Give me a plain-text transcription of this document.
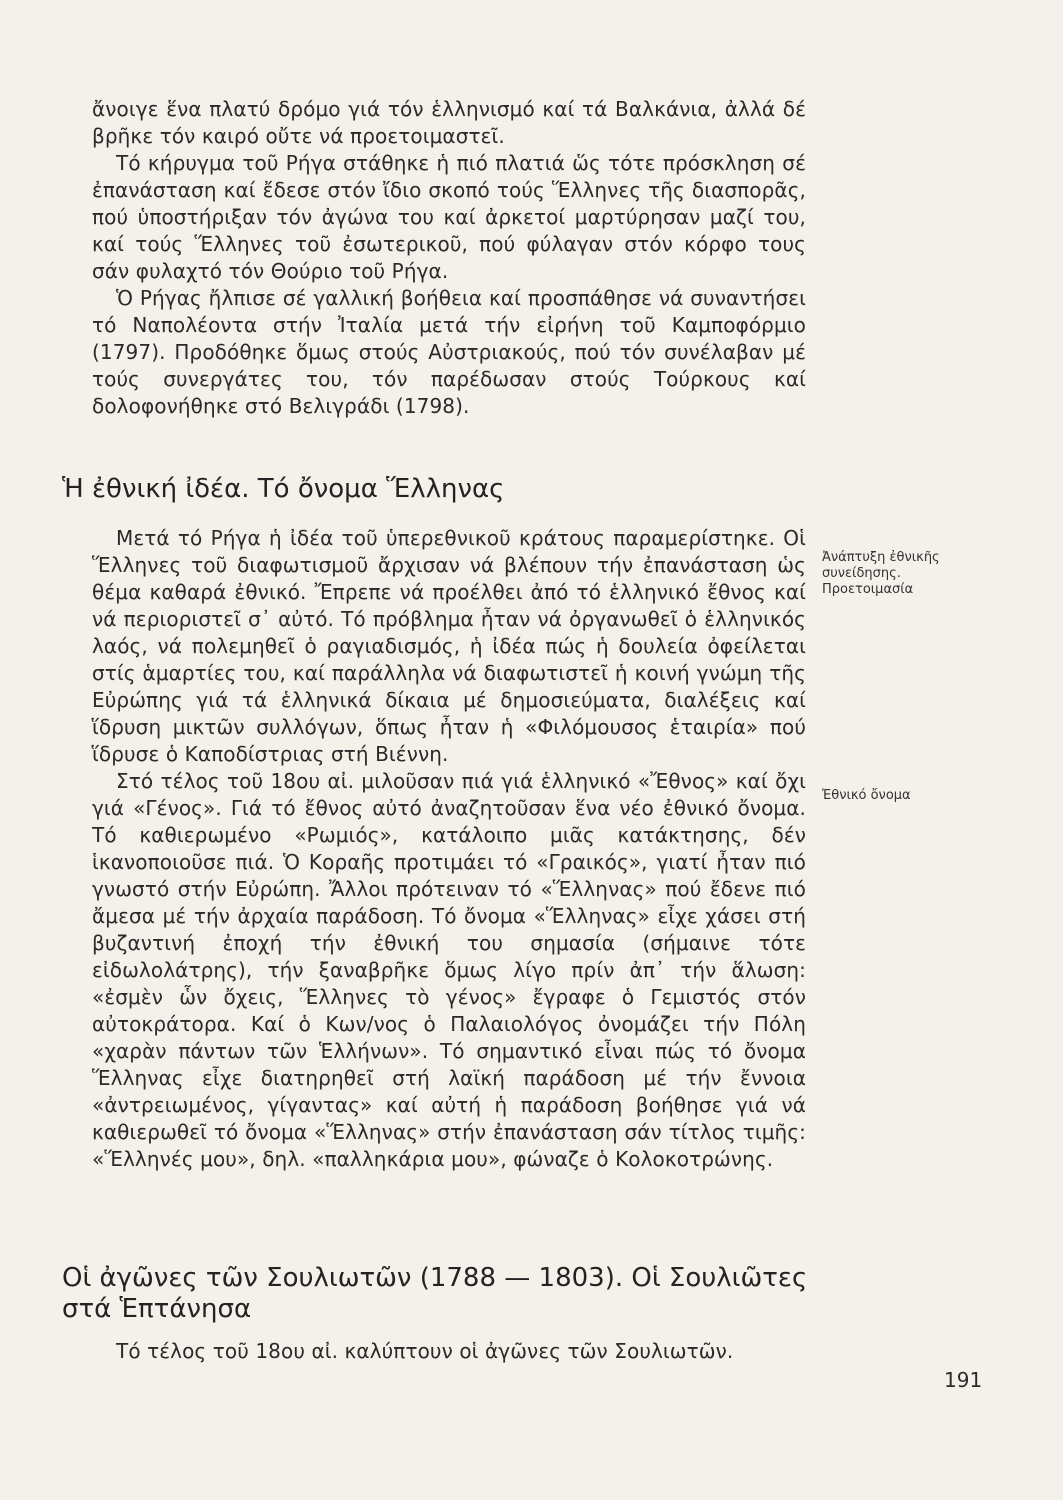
ἄνοιγε ἕνα πλατύ δρόμο γιά τόν ἑλληνισμό καί τά Βαλκάνια, ἀλλά δέ βρῆκε τόν καιρό οὔτε νά προετοιμαστεῖ.

Τό κήρυγμα τοῦ Ρήγα στάθηκε ἡ πιό πλατιά ὥς τότε πρόσκληση σέ ἐπανάσταση καί ἔδεσε στόν ἴδιο σκοπό τούς Ἕλληνες τῆς διασπορᾶς, πού ὑποστήριξαν τόν ἀγώνα του καί ἀρκετοί μαρτύρησαν μαζί του, καί τούς Ἕλληνες τοῦ ἐσωτερικοῦ, πού φύλαγαν στόν κόρφο τους σάν φυλαχτό τόν Θούριο τοῦ Ρήγα.

Ὁ Ρήγας ἤλπισε σέ γαλλική βοήθεια καί προσπάθησε νά συναντήσει τό Ναπολέοντα στήν Ἰταλία μετά τήν εἰρήνη τοῦ Καμποφόρμιο (1797). Προδόθηκε ὅμως στούς Αὐστριακούς, πού τόν συνέλαβαν μέ τούς συνεργάτες του, τόν παρέδωσαν στούς Τούρκους καί δολοφονήθηκε στό Βελιγράδι (1798).

Ἡ ἐθνική ἰδέα. Τό ὄνομα Ἕλληνας

Μετά τό Ρήγα ἡ ἰδέα τοῦ ὑπερεθνικοῦ κράτους παραμερίστηκε. Οἱ Ἕλληνες τοῦ διαφωτισμοῦ ἄρχισαν νά βλέπουν τήν ἐπανάσταση ὡς θέμα καθαρά ἐθνικό. Ἔπρεπε νά προέλθει ἀπό τό ἑλληνικό ἔθνος καί νά περιοριστεῖ σ᾽ αὐτό. Τό πρόβλημα ἦταν νά ὀργανωθεῖ ὁ ἑλληνικός λαός, νά πολεμηθεῖ ὁ ραγιαδισμός, ἡ ἰδέα πώς ἡ δουλεία ὀφείλεται στίς ἁμαρτίες του, καί παράλληλα νά διαφωτιστεῖ ἡ κοινή γνώμη τῆς Εὐρώπης γιά τά ἑλληνικά δίκαια μέ δημοσιεύματα, διαλέξεις καί ἵδρυση μικτῶν συλλόγων, ὅπως ἦταν ἡ «Φιλόμουσος ἑταιρία» πού ἵδρυσε ὁ Καποδίστριας στή Βιέννη.

Στό τέλος τοῦ 18ου αἰ. μιλοῦσαν πιά γιά ἑλληνικό «Ἔθνος» καί ὄχι γιά «Γένος». Γιά τό ἔθνος αὐτό ἀναζητοῦσαν ἕνα νέο ἐθνικό ὄνομα. Τό καθιερωμένο «Ρωμιός», κατάλοιπο μιᾶς κατάκτησης, δέν ἱκανοποιοῦσε πιά. Ὁ Κοραῆς προτιμάει τό «Γραικός», γιατί ἦταν πιό γνωστό στήν Εὐρώπη. Ἄλλοι πρότειναν τό «Ἕλληνας» πού ἔδενε πιό ἄμεσα μέ τήν ἀρχαία παράδοση. Τό ὄνομα «Ἕλληνας» εἶχε χάσει στή βυζαντινή ἐποχή τήν ἐθνική του σημασία (σήμαινε τότε εἰδωλολάτρης), τήν ξαναβρῆκε ὅμως λίγο πρίν ἀπ᾽ τήν ἅλωση: «ἐσμὲν ὧν ὄχεις, Ἕλληνες τὸ γένος» ἔγραφε ὁ Γεμιστός στόν αὐτοκράτορα. Καί ὁ Κων/νος ὁ Παλαιολόγος ὀνομάζει τήν Πόλη «χαρὰν πάντων τῶν Ἑλλήνων». Τό σημαντικό εἶναι πώς τό ὄνομα Ἕλληνας εἶχε διατηρηθεῖ στή λαϊκή παράδοση μέ τήν ἔννοια «ἀντρειωμένος, γίγαντας» καί αὐτή ἡ παράδοση βοήθησε γιά νά καθιερωθεῖ τό ὄνομα «Ἕλληνας» στήν ἐπανάσταση σάν τίτλος τιμῆς: «Ἕλληνές μου», δηλ. «παλληκάρια μου», φώναζε ὁ Κολοκοτρώνης.

Ἀνάπτυξη ἐθνικῆς συνείδησης. Προετοιμασία
Ἐθνικό ὄνομα
Οἱ ἀγῶνες τῶν Σουλιωτῶν (1788 — 1803). Οἱ Σουλιῶτες στά Ἑπτάνησα

Τό τέλος τοῦ 18ου αἰ. καλύπτουν οἱ ἀγῶνες τῶν Σουλιωτῶν.

191
